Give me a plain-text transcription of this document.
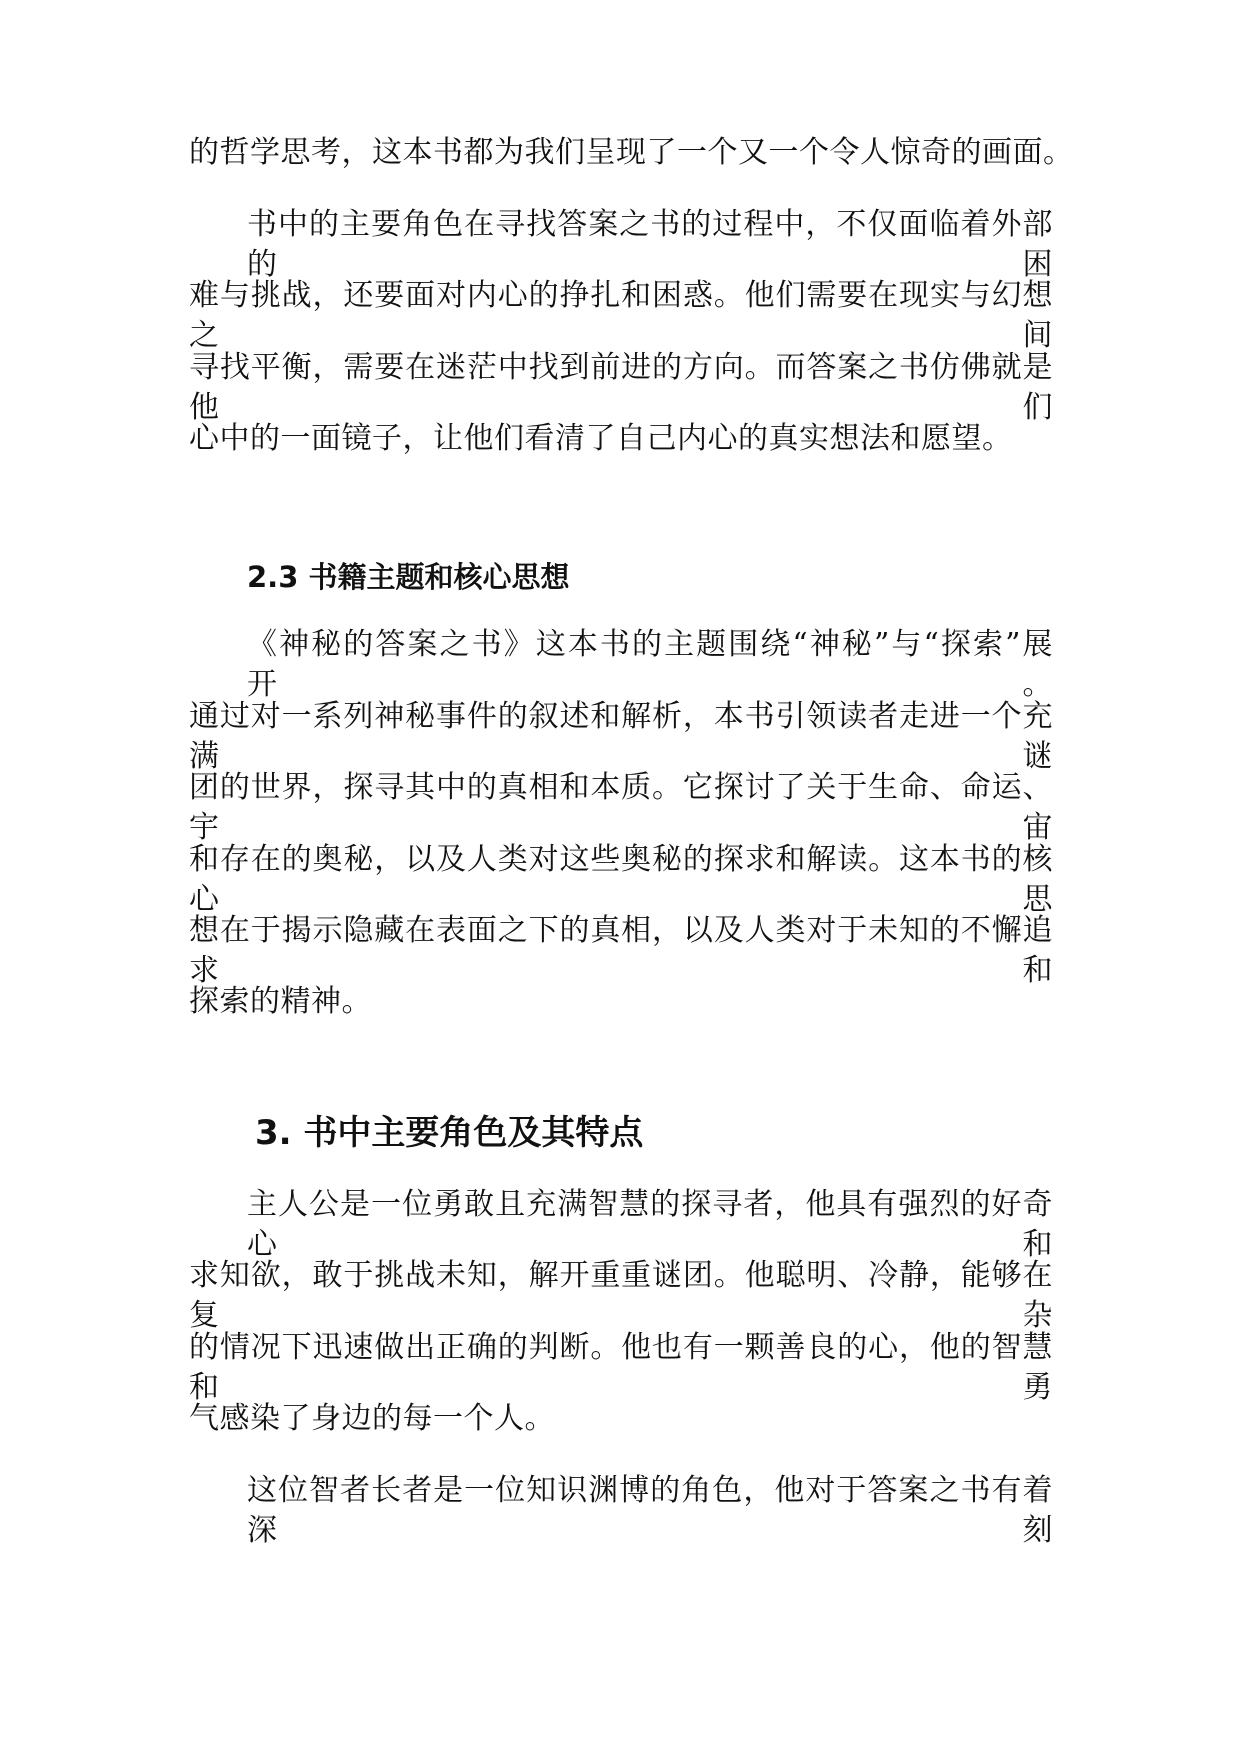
的哲学思考，这本书都为我们呈现了一个又一个令人惊奇的画面。
书中的主要角色在寻找答案之书的过程中，不仅面临着外部的困
难与挑战，还要面对内心的挣扎和困惑。他们需要在现实与幻想之间
寻找平衡，需要在迷茫中找到前进的方向。而答案之书仿佛就是他们
心中的一面镜子，让他们看清了自己内心的真实想法和愿望。
2.3 书籍主题和核心思想
《神秘的答案之书》这本书的主题围绕“神秘”与“探索”展开。
通过对一系列神秘事件的叙述和解析，本书引领读者走进一个充满谜
团的世界，探寻其中的真相和本质。它探讨了关于生命、命运、宇宙
和存在的奥秘，以及人类对这些奥秘的探求和解读。这本书的核心思
想在于揭示隐藏在表面之下的真相，以及人类对于未知的不懈追求和
探索的精神。
3. 书中主要角色及其特点
主人公是一位勇敢且充满智慧的探寻者，他具有强烈的好奇心和
求知欲，敢于挑战未知，解开重重谜团。他聪明、冷静，能够在复杂
的情况下迅速做出正确的判断。他也有一颗善良的心，他的智慧和勇
气感染了身边的每一个人。
这位智者长者是一位知识渊博的角色，他对于答案之书有着深刻
